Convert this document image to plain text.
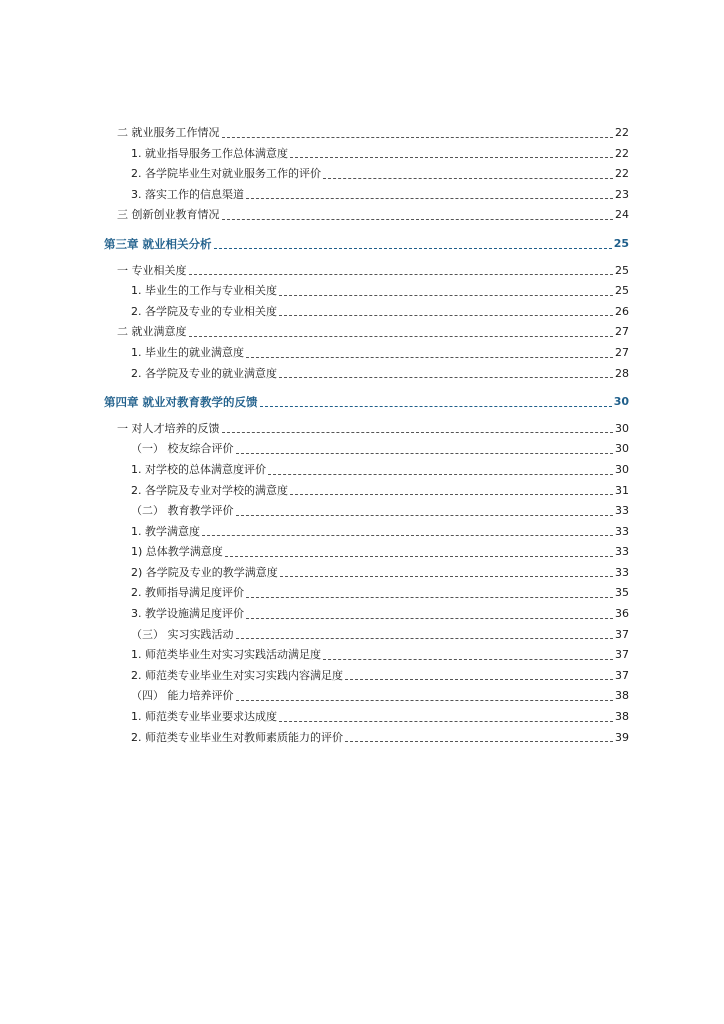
二 就业服务工作情况	22
1. 就业指导服务工作总体满意度	22
2. 各学院毕业生对就业服务工作的评价	22
3. 落实工作的信息渠道	23
三 创新创业教育情况	24
第三章 就业相关分析	25
一 专业相关度	25
1. 毕业生的工作与专业相关度	25
2. 各学院及专业的专业相关度	26
二 就业满意度	27
1. 毕业生的就业满意度	27
2. 各学院及专业的就业满意度	28
第四章 就业对教育教学的反馈	30
一 对人才培养的反馈	30
（一） 校友综合评价	30
1. 对学校的总体满意度评价	30
2. 各学院及专业对学校的满意度	31
（二） 教育教学评价	33
1. 教学满意度	33
1) 总体教学满意度	33
2) 各学院及专业的教学满意度	33
2. 教师指导满足度评价	35
3. 教学设施满足度评价	36
（三） 实习实践活动	37
1. 师范类毕业生对实习实践活动满足度	37
2. 师范类专业毕业生对实习实践内容满足度	37
（四） 能力培养评价	38
1. 师范类专业毕业要求达成度	38
2. 师范类专业毕业生对教师素质能力的评价	39
